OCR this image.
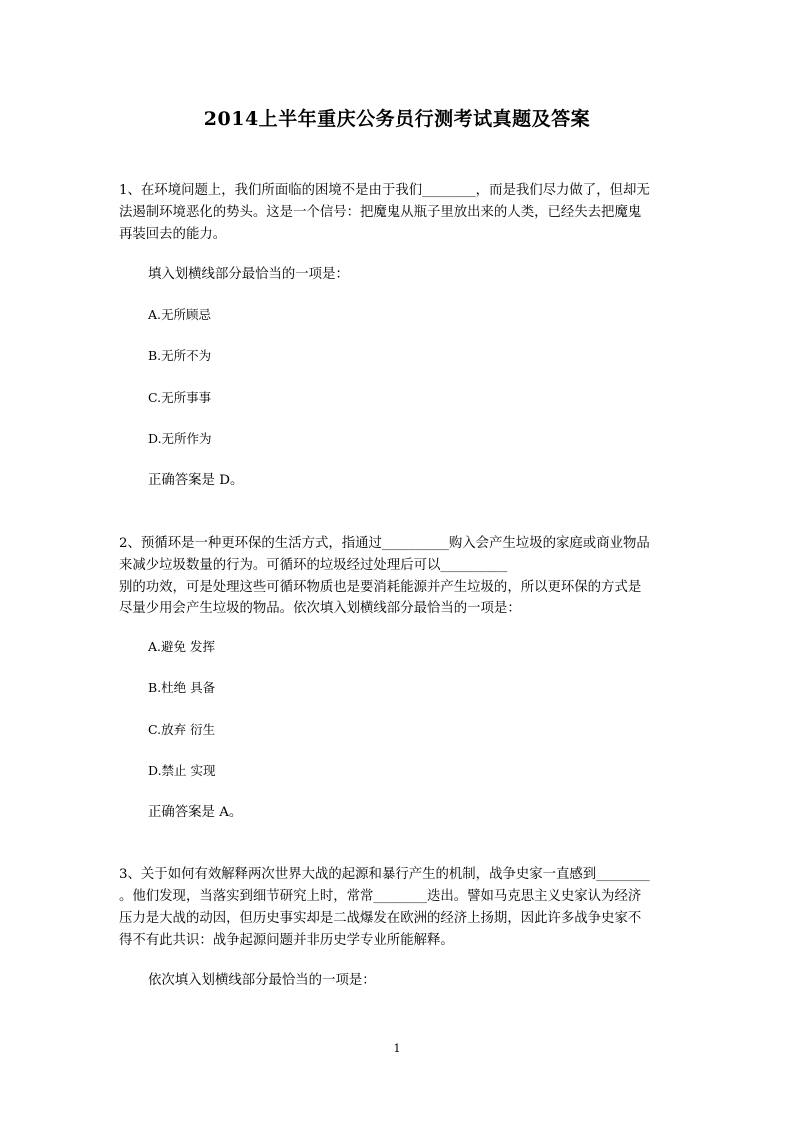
2014上半年重庆公务员行测考试真题及答案
1、在环境问题上，我们所面临的困境不是由于我们________，而是我们尽力做了，但却无
法遏制环境恶化的势头。这是一个信号：把魔鬼从瓶子里放出来的人类，已经失去把魔鬼
再装回去的能力。
填入划横线部分最恰当的一项是：
A.无所顾忌
B.无所不为
C.无所事事
D.无所作为
正确答案是 D。
2、预循环是一种更环保的生活方式，指通过__________购入会产生垃圾的家庭或商业物品
来减少垃圾数量的行为。可循环的垃圾经过处理后可以__________
别的功效，可是处理这些可循环物质也是要消耗能源并产生垃圾的，所以更环保的方式是
尽量少用会产生垃圾的物品。依次填入划横线部分最恰当的一项是：
A.避免 发挥
B.杜绝 具备
C.放弃 衍生
D.禁止 实现
正确答案是 A。
3、关于如何有效解释两次世界大战的起源和暴行产生的机制，战争史家一直感到________
。他们发现，当落实到细节研究上时，常常________迭出。譬如马克思主义史家认为经济
压力是大战的动因，但历史事实却是二战爆发在欧洲的经济上扬期，因此许多战争史家不
得不有此共识：战争起源问题并非历史学专业所能解释。
依次填入划横线部分最恰当的一项是：
1
